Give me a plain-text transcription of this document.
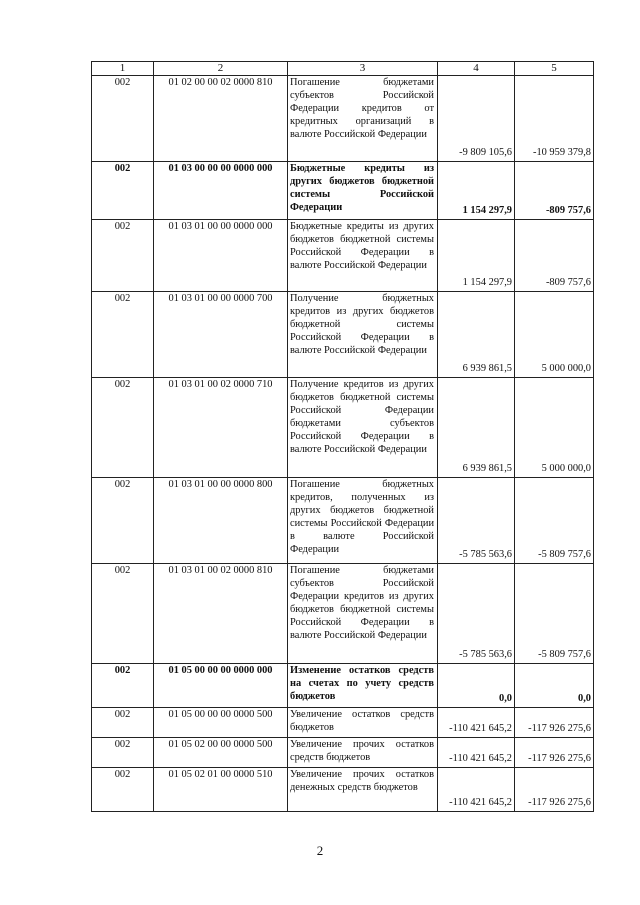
1	2	3	4	5
002	01 02 00 00 02 0000 810	Погашение бюджетами субъектов Российской Федерации кредитов от кредитных организаций в валюте Российской Федерации	-9 809 105,6	-10 959 379,8
002	01 03 00 00 00 0000 000	Бюджетные кредиты из других бюджетов бюджетной системы Российской Федерации	1 154 297,9	-809 757,6
002	01 03 01 00 00 0000 000	Бюджетные кредиты из других бюджетов бюджетной системы Российской Федерации в валюте Российской Федерации	1 154 297,9	-809 757,6
002	01 03 01 00 00 0000 700	Получение бюджетных кредитов из других бюджетов бюджетной системы Российской Федерации в валюте Российской Федерации	6 939 861,5	5 000 000,0
002	01 03 01 00 02 0000 710	Получение кредитов из других бюджетов бюджетной системы Российской Федерации бюджетами субъектов Российской Федерации в валюте Российской Федерации	6 939 861,5	5 000 000,0
002	01 03 01 00 00 0000 800	Погашение бюджетных кредитов, полученных из других бюджетов бюджетной системы Российской Федерации в валюте Российской Федерации	-5 785 563,6	-5 809 757,6
002	01 03 01 00 02 0000 810	Погашение бюджетами субъектов Российской Федерации кредитов из других бюджетов бюджетной системы Российской Федерации в валюте Российской Федерации	-5 785 563,6	-5 809 757,6
002	01 05 00 00 00 0000 000	Изменение остатков средств на счетах по учету средств бюджетов	0,0	0,0
002	01 05 00 00 00 0000 500	Увеличение остатков средств бюджетов	-110 421 645,2	-117 926 275,6
002	01 05 02 00 00 0000 500	Увеличение прочих остатков средств бюджетов	-110 421 645,2	-117 926 275,6
002	01 05 02 01 00 0000 510	Увеличение прочих остатков денежных средств бюджетов	-110 421 645,2	-117 926 275,6
2
